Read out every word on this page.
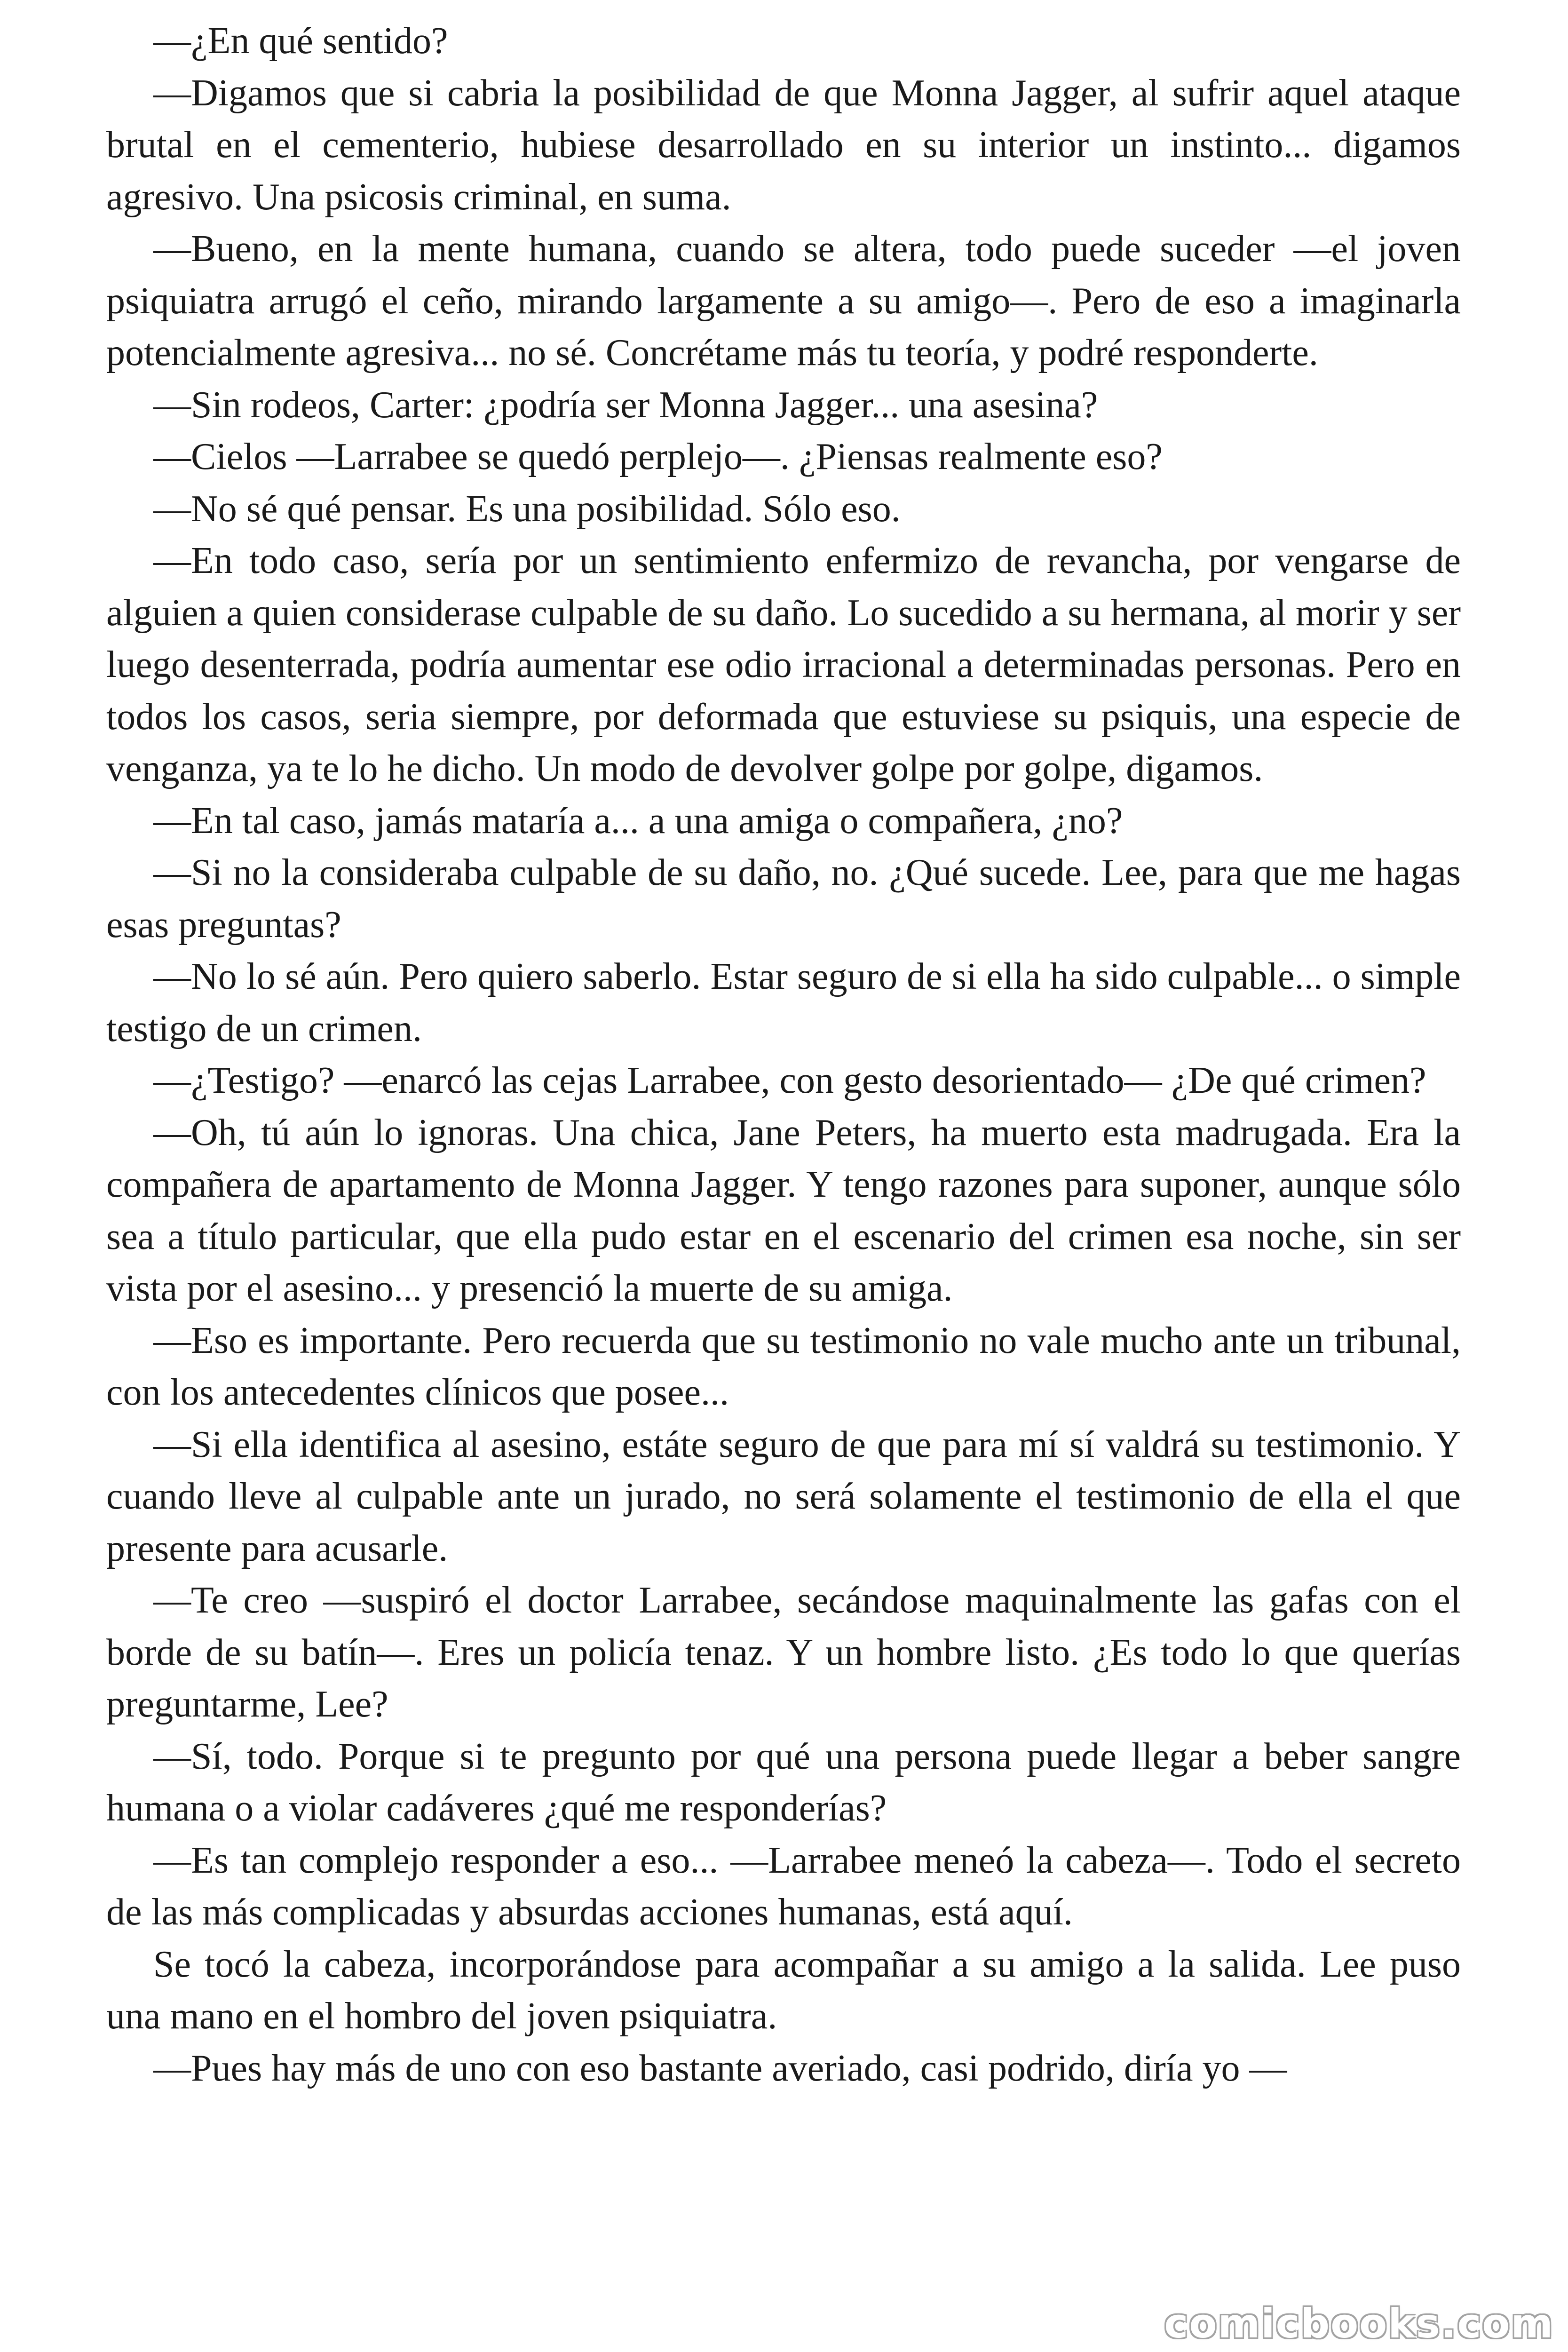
—¿En qué sentido?

—Digamos que si cabria la posibilidad de que Monna Jagger, al sufrir aquel ataque brutal en el cementerio, hubiese desarrollado en su interior un instinto... digamos agresivo. Una psicosis criminal, en suma.

—Bueno, en la mente humana, cuando se altera, todo puede suceder —el joven psiquiatra arrugó el ceño, mirando largamente a su amigo—. Pero de eso a imaginarla potencialmente agresiva... no sé. Concrétame más tu teoría, y podré responderte.

—Sin rodeos, Carter: ¿podría ser Monna Jagger... una asesina?

—Cielos —Larrabee se quedó perplejo—. ¿Piensas realmente eso?

—No sé qué pensar. Es una posibilidad. Sólo eso.

—En todo caso, sería por un sentimiento enfermizo de revancha, por vengarse de alguien a quien considerase culpable de su daño. Lo sucedido a su hermana, al morir y ser luego desenterrada, podría aumentar ese odio irracional a determinadas personas. Pero en todos los casos, seria siempre, por deformada que estuviese su psiquis, una especie de venganza, ya te lo he dicho. Un modo de devolver golpe por golpe, digamos.

—En tal caso, jamás mataría a... a una amiga o compañera, ¿no?

—Si no la consideraba culpable de su daño, no. ¿Qué sucede. Lee, para que me hagas esas preguntas?

—No lo sé aún. Pero quiero saberlo. Estar seguro de si ella ha sido culpable... o simple testigo de un crimen.

—¿Testigo? —enarcó las cejas Larrabee, con gesto desorientado— ¿De qué crimen?

—Oh, tú aún lo ignoras. Una chica, Jane Peters, ha muerto esta madrugada. Era la compañera de apartamento de Monna Jagger. Y tengo razones para suponer, aunque sólo sea a título particular, que ella pudo estar en el escenario del crimen esa noche, sin ser vista por el asesino... y presenció la muerte de su amiga.

—Eso es importante. Pero recuerda que su testimonio no vale mucho ante un tribunal, con los antecedentes clínicos que posee...

—Si ella identifica al asesino, estáte seguro de que para mí sí valdrá su testimonio. Y cuando lleve al culpable ante un jurado, no será solamente el testimonio de ella el que presente para acusarle.

—Te creo —suspiró el doctor Larrabee, secándose maquinalmente las gafas con el borde de su batín—. Eres un policía tenaz. Y un hombre listo. ¿Es todo lo que querías preguntarme, Lee?

—Sí, todo. Porque si te pregunto por qué una persona puede llegar a beber sangre humana o a violar cadáveres ¿qué me responderías?

—Es tan complejo responder a eso... —Larrabee meneó la cabeza—. Todo el secreto de las más complicadas y absurdas acciones humanas, está aquí.

Se tocó la cabeza, incorporándose para acompañar a su amigo a la salida. Lee puso una mano en el hombro del joven psiquiatra.

—Pues hay más de uno con eso bastante averiado, casi podrido, diría yo —

comicbooks.com
